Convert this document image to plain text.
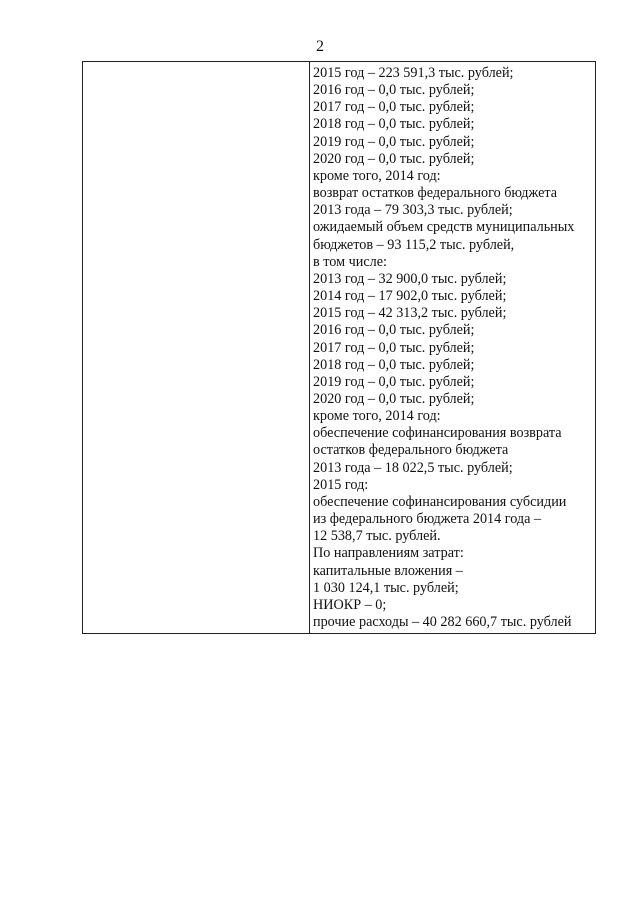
2
2015 год – 223 591,3 тыс. рублей;
2016 год – 0,0 тыс. рублей;
2017 год – 0,0 тыс. рублей;
2018 год – 0,0 тыс. рублей;
2019 год – 0,0 тыс. рублей;
2020 год – 0,0 тыс. рублей;
кроме того, 2014 год:
возврат остатков федерального бюджета
2013 года – 79 303,3 тыс. рублей;
ожидаемый объем средств муниципальных
бюджетов – 93 115,2 тыс. рублей,
в том числе:
2013 год – 32 900,0 тыс. рублей;
2014 год – 17 902,0 тыс. рублей;
2015 год – 42 313,2 тыс. рублей;
2016 год – 0,0 тыс. рублей;
2017 год – 0,0 тыс. рублей;
2018 год – 0,0 тыс. рублей;
2019 год – 0,0 тыс. рублей;
2020 год – 0,0 тыс. рублей;
кроме того, 2014 год:
обеспечение софинансирования возврата
остатков федерального бюджета
2013 года – 18 022,5 тыс. рублей;
2015 год:
обеспечение софинансирования субсидии
из федерального бюджета 2014 года –
12 538,7 тыс. рублей.
По направлениям затрат:
капитальные вложения –
1 030 124,1 тыс. рублей;
НИОКР – 0;
прочие расходы – 40 282 660,7 тыс. рублей
